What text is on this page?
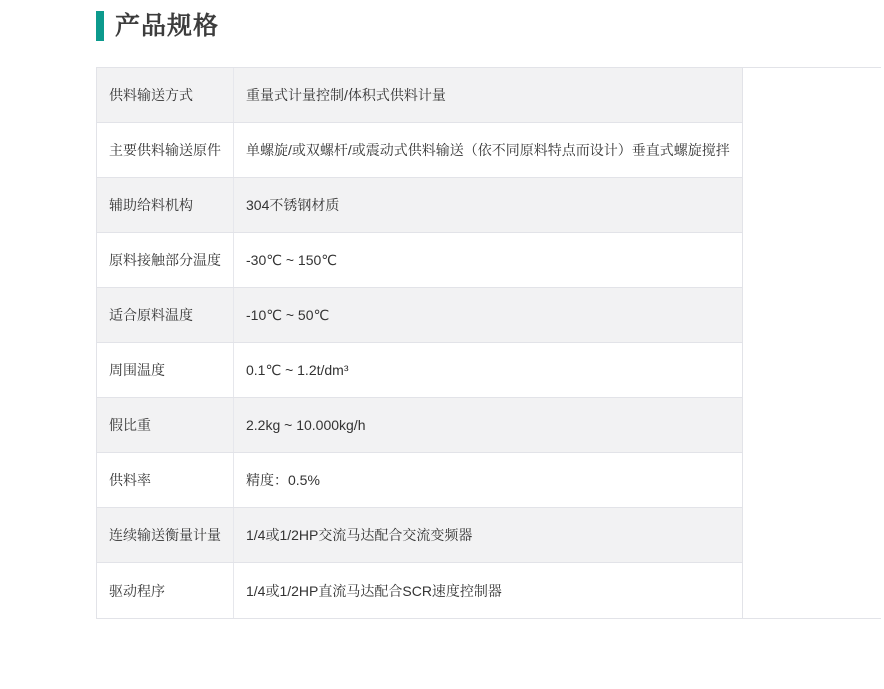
产品规格
供料输送方式	重量式计量控制/体积式供料计量
主要供料输送原件	单螺旋/或双螺杆/或震动式供料输送（依不同原料特点而设计）垂直式螺旋搅拌
辅助给料机构	304不锈钢材质
原料接触部分温度	-30℃ ~ 150℃
适合原料温度	-10℃ ~ 50℃
周围温度	0.1℃ ~ 1.2t/dm³
假比重	2.2kg ~ 10.000kg/h
供料率	精度：0.5%
连续输送衡量计量	1/4或1/2HP交流马达配合交流变频器
驱动程序	1/4或1/2HP直流马达配合SCR速度控制器
